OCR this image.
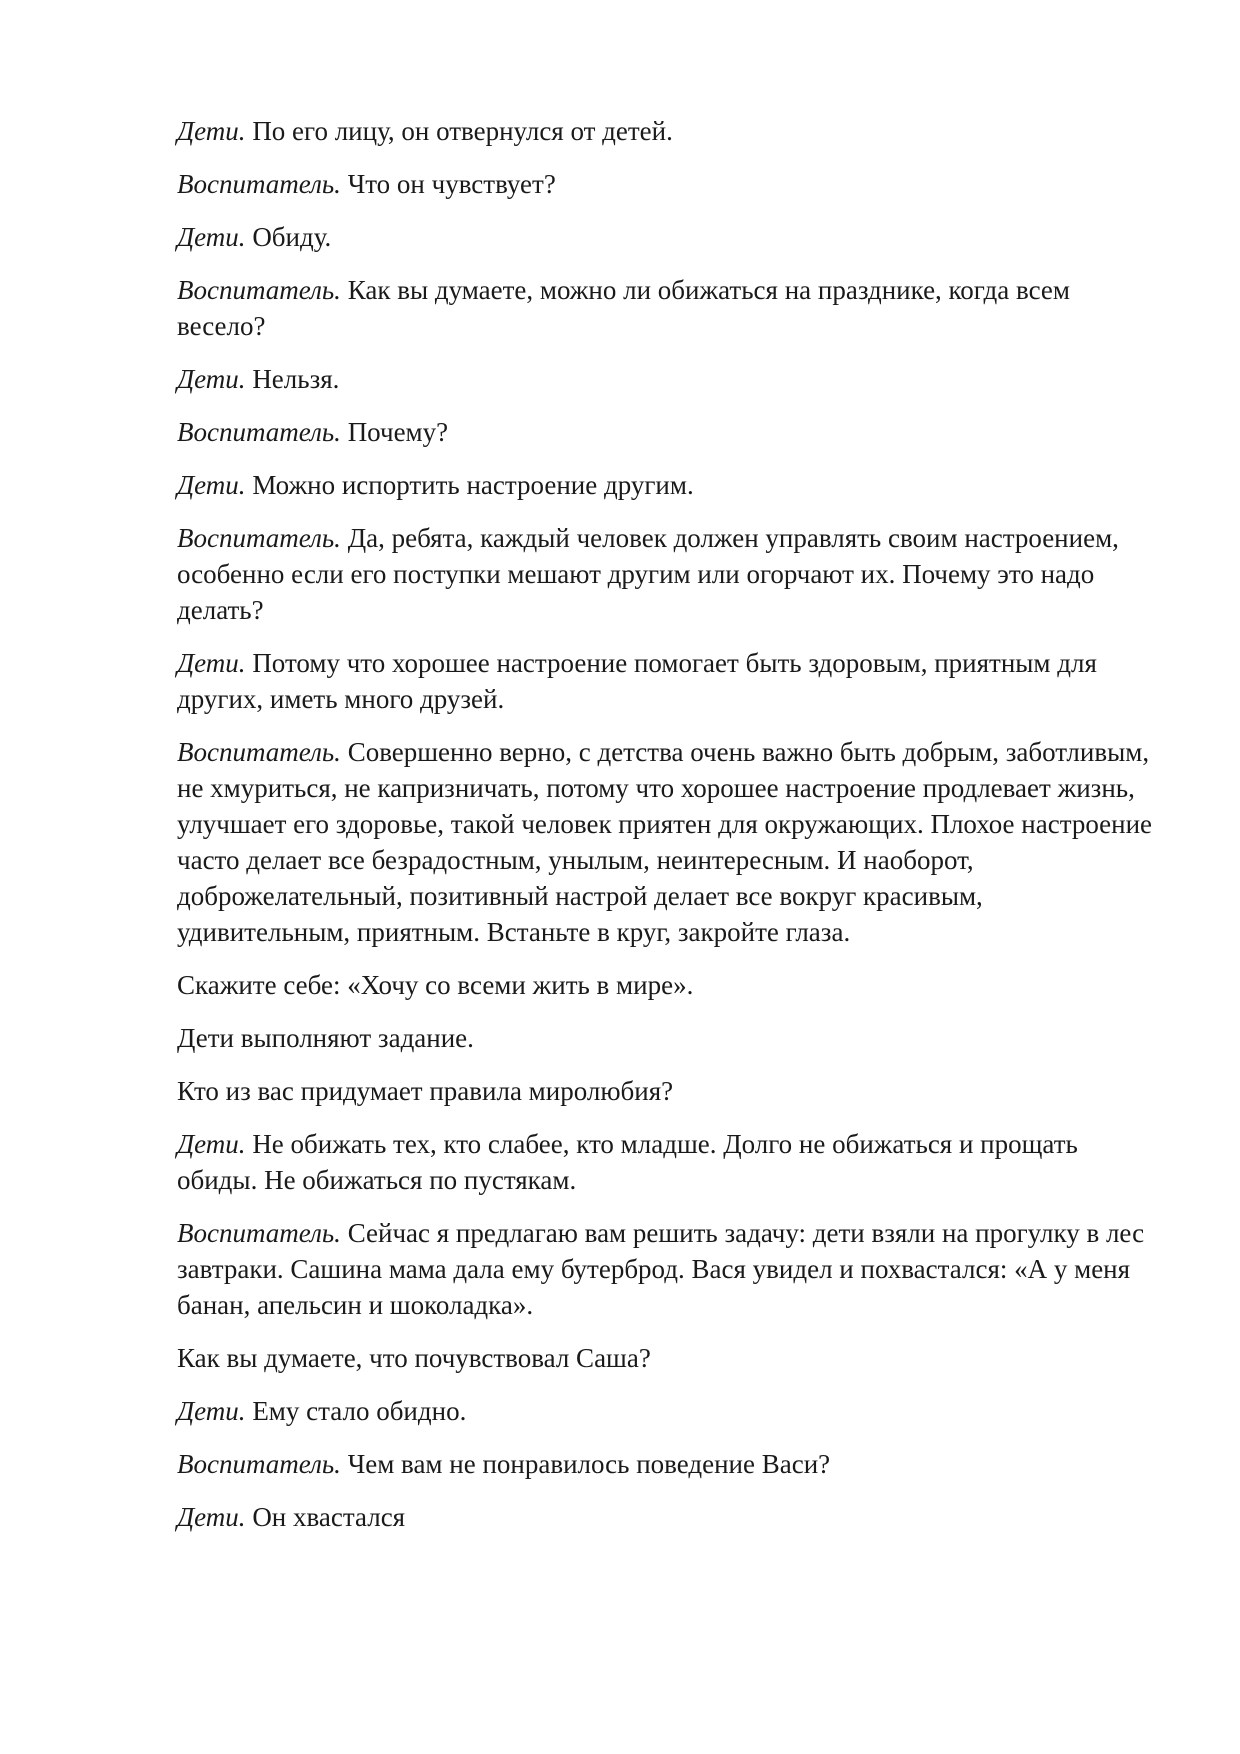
Дети. По его лицу, он отвернулся от детей.

Воспитатель. Что он чувствует?

Дети. Обиду.

Воспитатель. Как вы думаете, можно ли обижаться на празднике, когда всем весело?

Дети. Нельзя.

Воспитатель. Почему?

Дети. Можно испортить настроение другим.

Воспитатель. Да, ребята, каждый человек должен управлять своим настроением, особенно если его поступки мешают другим или огорчают их. Почему это надо делать?

Дети. Потому что хорошее настроение помогает быть здоровым, приятным для других, иметь много друзей.

Воспитатель. Совершенно верно, с детства очень важно быть добрым, заботливым, не хмуриться, не капризничать, потому что хорошее настроение продлевает жизнь, улучшает его здоровье, такой человек приятен для окружающих. Плохое настроение часто делает все безрадостным, унылым, неинтересным. И наоборот, доброжелательный, позитивный настрой делает все вокруг красивым, удивительным, приятным. Встаньте в круг, закройте глаза.

Скажите себе: «Хочу со всеми жить в мире».

Дети выполняют задание.

Кто из вас придумает правила миролюбия?

Дети. Не обижать тех, кто слабее, кто младше. Долго не обижаться и прощать обиды. Не обижаться по пустякам.

Воспитатель. Сейчас я предлагаю вам решить задачу: дети взяли на прогулку в лес завтраки. Сашина мама дала ему бутерброд. Вася увидел и похвастался: «А у меня банан, апельсин и шоколадка».

Как вы думаете, что почувствовал Саша?

Дети. Ему стало обидно.

Воспитатель. Чем вам не понравилось поведение Васи?

Дети. Он хвастался
